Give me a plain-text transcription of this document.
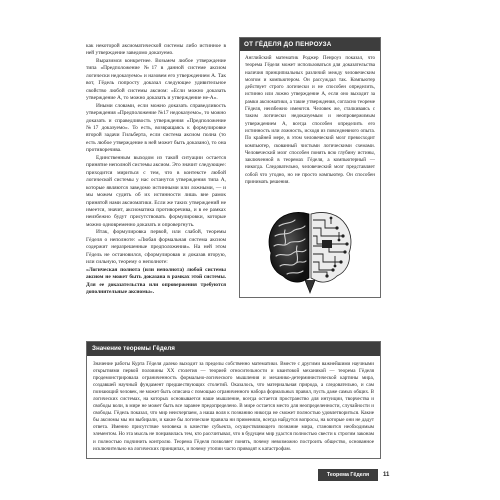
как некоторой аксиоматической системы либо истинное в ней утверждение заведомо доказуемо.

Выразимся конкретнее. Возьмем любое утверждение типа «Предположение №17 в данной системе аксиом логически недоказуемо» и назовем его утверждением А. Так вот, Гёдель попросту доказал следующее удивительное свойство любой системы аксиом: «Если можно доказать утверждение А, то можно доказать и утверждение не-А».

Иными словами, если можно доказать справедливость утверждения «Предположение №17 недоказуемо», то можно доказать и справедливость утверждения «Предположение №17 доказуемо». То есть, возвращаясь к формулировке второй задачи Гильберта, если система аксиом полна (то есть любое утверждение в ней может быть доказано), то она противоречива.

Единственным выходом из такой ситуации остается принятие неполной системы аксиом. Это значит следующее: приходится мириться с тем, что в контексте любой логической системы у нас останутся утверждения типа А, которые являются заведомо истинными или ложными, — и мы можем судить об их истинности лишь вне рамок принятой нами аксиоматики. Если же таких утверждений не имеется, значит, аксиоматика противоречива, и в ее рамках неизбежно будут присутствовать формулировки, которые можно одновременно доказать и опровергнуть.

Итак, формулировка первой, или слабой, теоремы Гёделя о неполноте: «Любая формальная система аксиом содержит неразрешенные предположения». На ней этом Гёдель не остановился, сформулировав и доказав вторую, или сильную, теорему о неполноте:

«Логическая полнота (или неполнота) любой системы аксиом не может быть доказана в рамках этой системы. Для ее доказательства или опровержения требуются дополнительные аксиомы».

ОТ ГЁДЕЛЯ ДО ПЕНРОУЗА

Английский математик Роджер Пенроуз показал, что теорема Гёделя может использоваться для доказательства наличия принципиальных различий между человеческим мозгом и компьютером. Он рассуждал так. Компьютер действует строго логически и не способен определить, истинно или ложно утверждение А, если оно выходит за рамки аксиоматики, а такие утверждения, согласно теореме Гёделя, неизбежно имеются. Человек же, сталкиваясь с таким логически недоказуемым и неопровержимым утверждением А, всегда способен определить его истинность или ложность, исходя из повседневного опыта. По крайней мере, в этом человеческий мозг превосходит компьютер, скованный чистыми логическими схемами. Человеческий мозг способен понять всю глубину истины, заключенной в теоремах Гёделя, а компьютерный — никогда. Следовательно, человеческий мозг представляет собой что угодно, но не просто компьютер. Он способен принимать решения.

Значение теоремы Гёделя

Значение работы Курта Гёделя далеко выходит за пределы собственно математики. Вместе с другими важнейшими научными открытиями первой половины XX столетия — теорией относительности и квантовой механикой — теорема Гёделя продемонстрировала ограниченность формально-логического мышления и механико-детерминистической картины мира, создавшей научный фундамент предшествующих столетий. Оказалось, что материальная природа, а следовательно, и сам познающий человек, не может быть описана с помощью ограниченного набора формальных правил, пусть даже самых общих. В логических системах, на которых основывается наше мышление, всегда остается пространство для интуиции, творчества и свободы воли, в мире не может быть все заранее предопределено. В мире остается место для неопределенности, случайности и свободы. Гёдель показал, что мир неисчерпаем, а наша воля к познанию никогда не сможет полностью удовлетвориться. Какие бы аксиомы мы ни выбирали, и какие бы логические правила ни применяли, всегда найдутся вопросы, на которые они не дадут ответа. Именно присутствие человека в качестве субъекта, осуществляющего познание мира, становится необходимым элементом. Но эта мысль не понравилась тем, кто рассчитывал, что в будущем мир удастся полностью свести к строгим законам и полностью подчинить контролю. Теорема Гёделя позволяет понять, почему невозможно построить общество, основанное исключительно на логических принципах, и почему утопии часто приводят к катастрофам.

Теорема Гёделя	11
